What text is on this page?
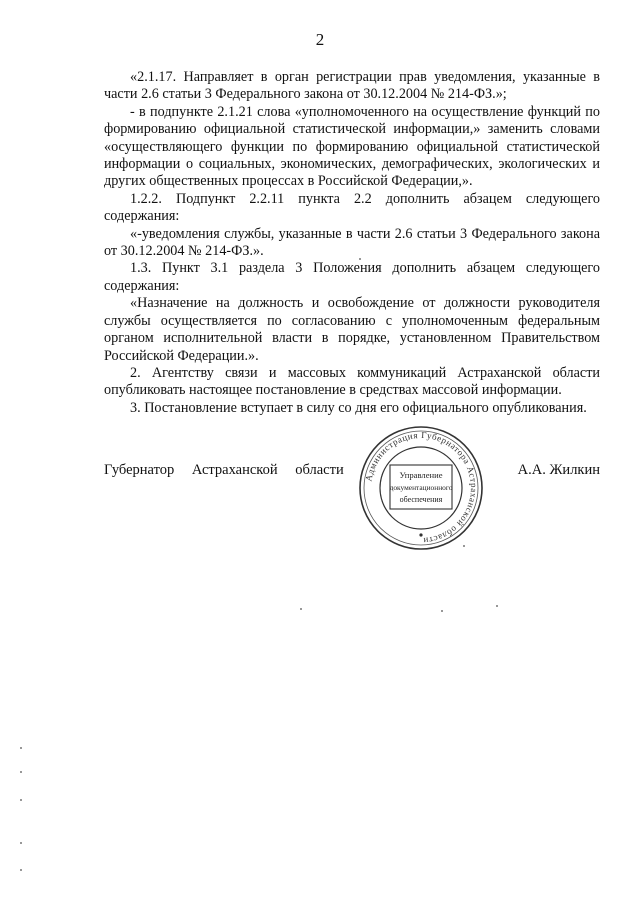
2

«2.1.17. Направляет в орган регистрации прав уведомления, указанные в части 2.6 статьи 3 Федерального закона от 30.12.2004 № 214-ФЗ.»;

- в подпункте 2.1.21 слова «уполномоченного на осуществление функций по формированию официальной статистической информации,» заменить словами «осуществляющего функции по формированию официальной статистической информации о социальных, экономических, демографических, экологических и других общественных процессах в Российской Федерации,».

1.2.2. Подпункт 2.2.11 пункта 2.2 дополнить абзацем следующего содержания:

«-уведомления службы, указанные в части 2.6 статьи 3 Федерального закона от 30.12.2004 № 214-ФЗ.».

1.3. Пункт 3.1 раздела 3 Положения дополнить абзацем следующего содержания:

«Назначение на должность и освобождение от должности руководителя службы осуществляется по согласованию с уполномоченным федеральным органом исполнительной власти в порядке, установленном Правительством Российской Федерации.».

2. Агентству связи и массовых коммуникаций Астраханской области опубликовать настоящее постановление в средствах массовой информации.

3. Постановление вступает в силу со дня его официального опубликования.

Губернатор Астраханской области	А.А. Жилкин
Администрация Губернатора Астраханской области
Управление
документационного
обеспечения
